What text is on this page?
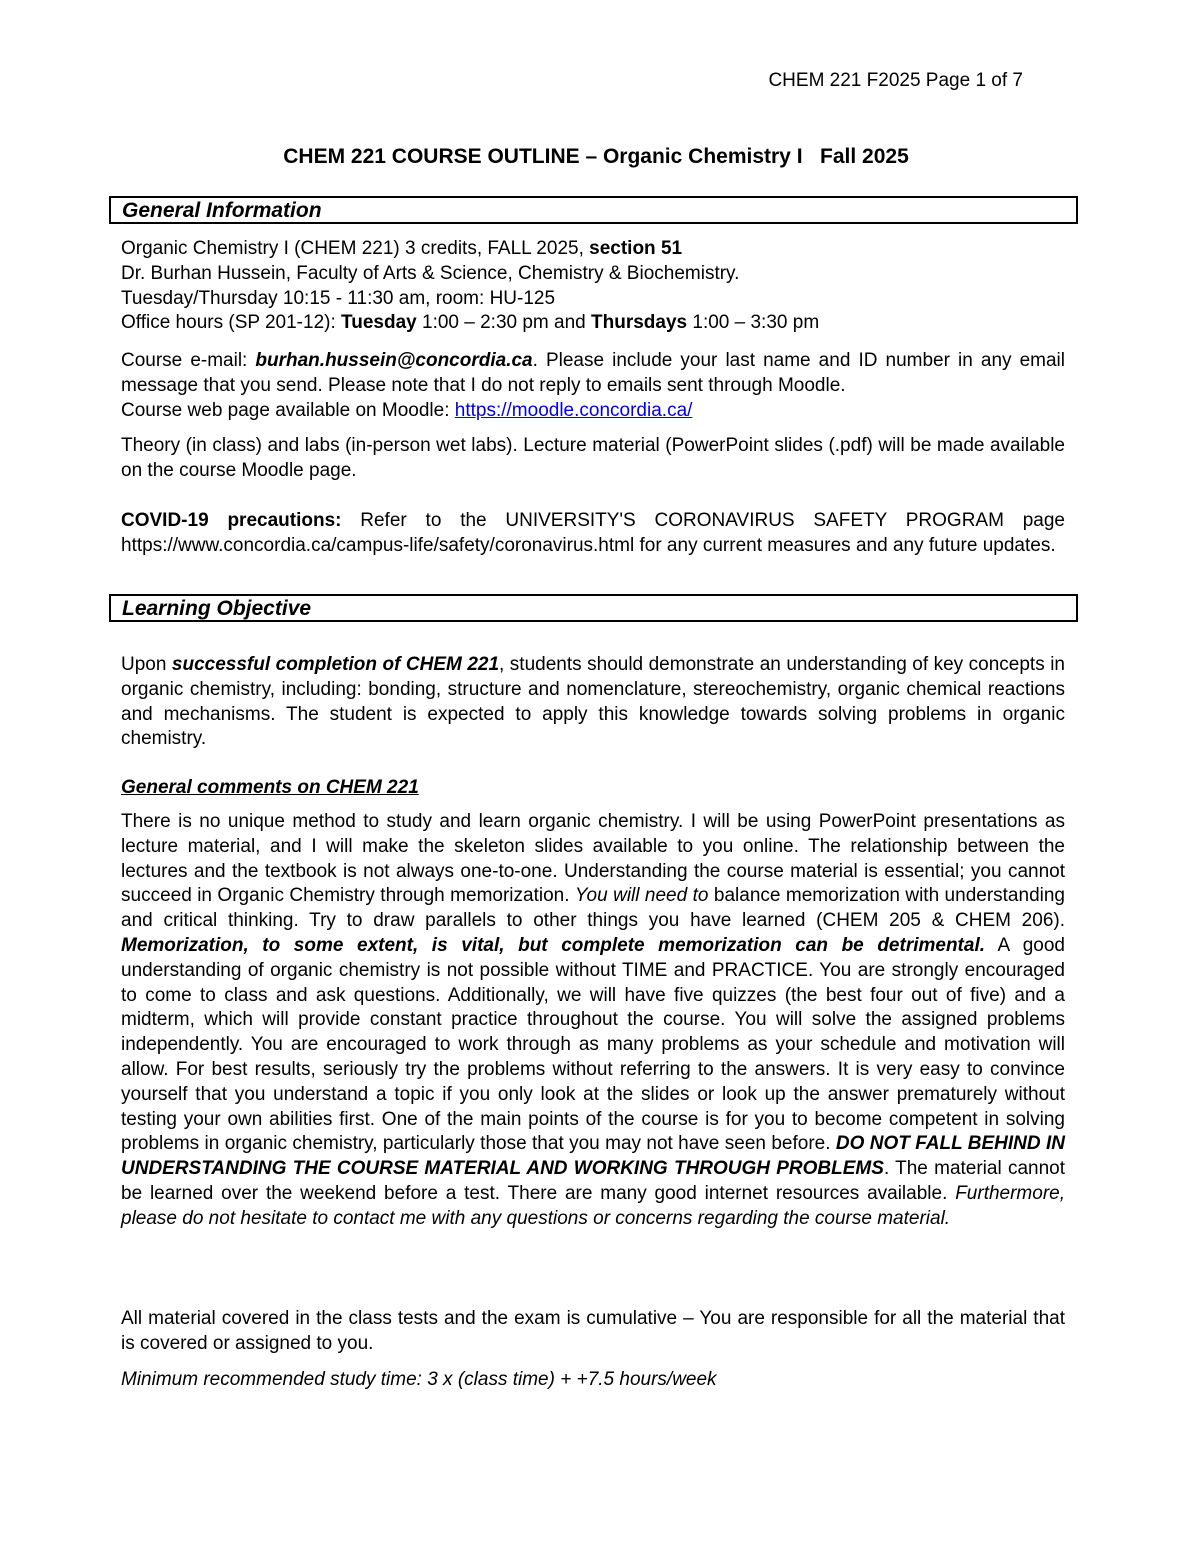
CHEM 221 F2025 Page 1 of 7
CHEM 221 COURSE OUTLINE – Organic Chemistry I   Fall 2025
General Information

Organic Chemistry I (CHEM 221) 3 credits, FALL 2025, section 51

Dr. Burhan Hussein, Faculty of Arts & Science, Chemistry & Biochemistry.

Tuesday/Thursday 10:15 - 11:30 am, room: HU-125

Office hours (SP 201-12): Tuesday 1:00 – 2:30 pm and Thursdays 1:00 – 3:30 pm

Course e-mail: burhan.hussein@concordia.ca. Please include your last name and ID number in any email message that you send. Please note that I do not reply to emails sent through Moodle.

Course web page available on Moodle: https://moodle.concordia.ca/

Theory (in class) and labs (in-person wet labs). Lecture material (PowerPoint slides (.pdf) will be made available on the course Moodle page.
COVID-19 precautions: Refer to the UNIVERSITY'S CORONAVIRUS SAFETY PROGRAM page https://www.concordia.ca/campus-life/safety/coronavirus.html for any current measures and any future updates.
Learning Objective
Upon successful completion of CHEM 221, students should demonstrate an understanding of key concepts in organic chemistry, including: bonding, structure and nomenclature, stereochemistry, organic chemical reactions and mechanisms. The student is expected to apply this knowledge towards solving problems in organic chemistry.
General comments on CHEM 221
There is no unique method to study and learn organic chemistry. I will be using PowerPoint presentations as lecture material, and I will make the skeleton slides available to you online. The relationship between the lectures and the textbook is not always one-to-one. Understanding the course material is essential; you cannot succeed in Organic Chemistry through memorization. You will need to balance memorization with understanding and critical thinking. Try to draw parallels to other things you have learned (CHEM 205 & CHEM 206). Memorization, to some extent, is vital, but complete memorization can be detrimental. A good understanding of organic chemistry is not possible without TIME and PRACTICE. You are strongly encouraged to come to class and ask questions. Additionally, we will have five quizzes (the best four out of five) and a midterm, which will provide constant practice throughout the course. You will solve the assigned problems independently. You are encouraged to work through as many problems as your schedule and motivation will allow. For best results, seriously try the problems without referring to the answers. It is very easy to convince yourself that you understand a topic if you only look at the slides or look up the answer prematurely without testing your own abilities first. One of the main points of the course is for you to become competent in solving problems in organic chemistry, particularly those that you may not have seen before. DO NOT FALL BEHIND IN UNDERSTANDING THE COURSE MATERIAL AND WORKING THROUGH PROBLEMS. The material cannot be learned over the weekend before a test. There are many good internet resources available. Furthermore, please do not hesitate to contact me with any questions or concerns regarding the course material.
All material covered in the class tests and the exam is cumulative – You are responsible for all the material that is covered or assigned to you.
Minimum recommended study time: 3 x (class time) + +7.5 hours/week
